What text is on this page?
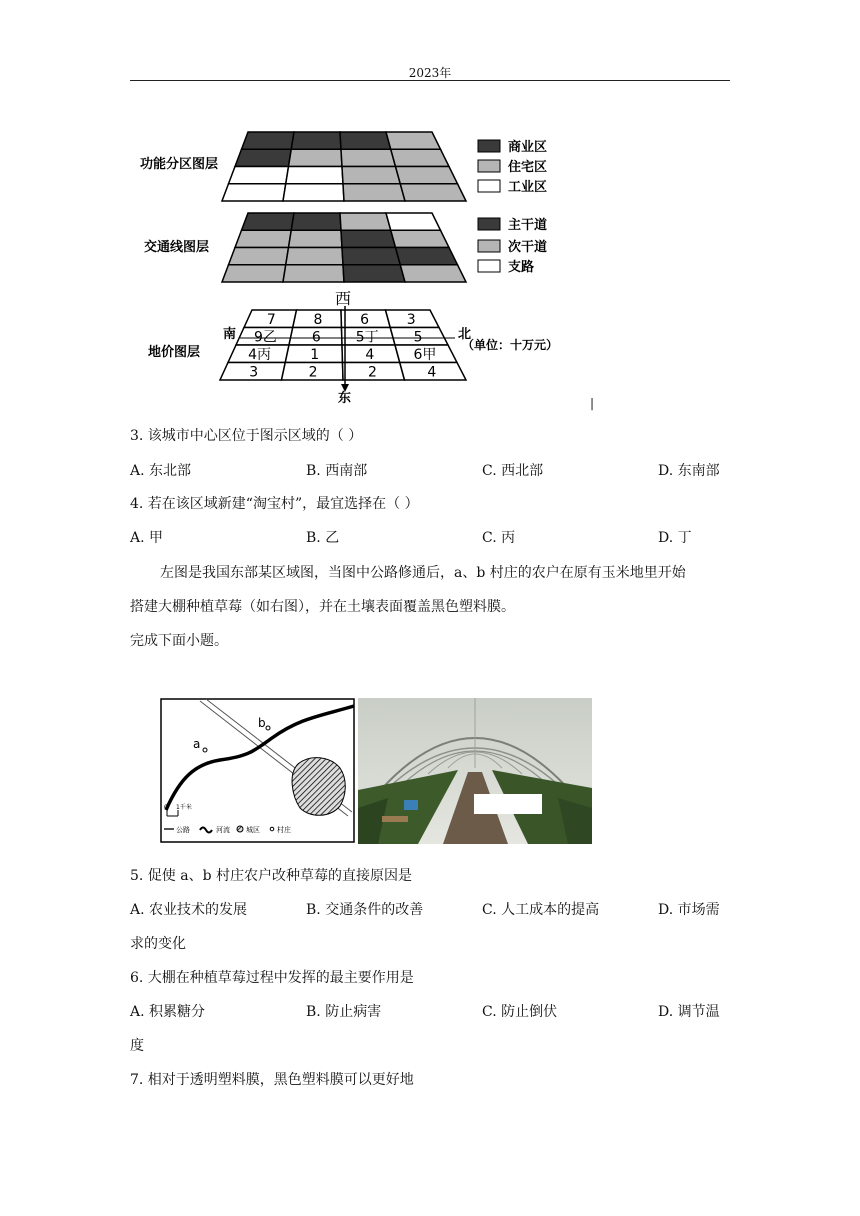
2023年
7	8	6	3
9乙 6 5丁 5
4丙	1	4	6甲
3	2	2	4
功能分区图层
交通线图层
地价图层
商业区
住宅区
工业区
主干道
次干道
支路
西
东
南	北
（单位：十万元）
|
3. 该城市中心区位于图示区域的（ ）
A. 东北部	B. 西南部	C. 西北部	D. 东南部
4. 若在该区域新建“淘宝村”，最宜选择在（ ）
A. 甲	B. 乙	C. 丙	D. 丁
左图是我国东部某区域图，当图中公路修通后，a、b 村庄的农户在原有玉米地里开始
搭建大棚种植草莓（如右图），并在土壤表面覆盖黑色塑料膜。
完成下面小题。
a
b
0 1千米
公路	河流 城区 村庄
5. 促使 a、b 村庄农户改种草莓的直接原因是
A. 农业技术的发展	B. 交通条件的改善	C. 人工成本的提高	D. 市场需
求的变化
6. 大棚在种植草莓过程中发挥的最主要作用是
A. 积累糖分	B. 防止病害	C. 防止倒伏	D. 调节温
度
7. 相对于透明塑料膜，黑色塑料膜可以更好地
